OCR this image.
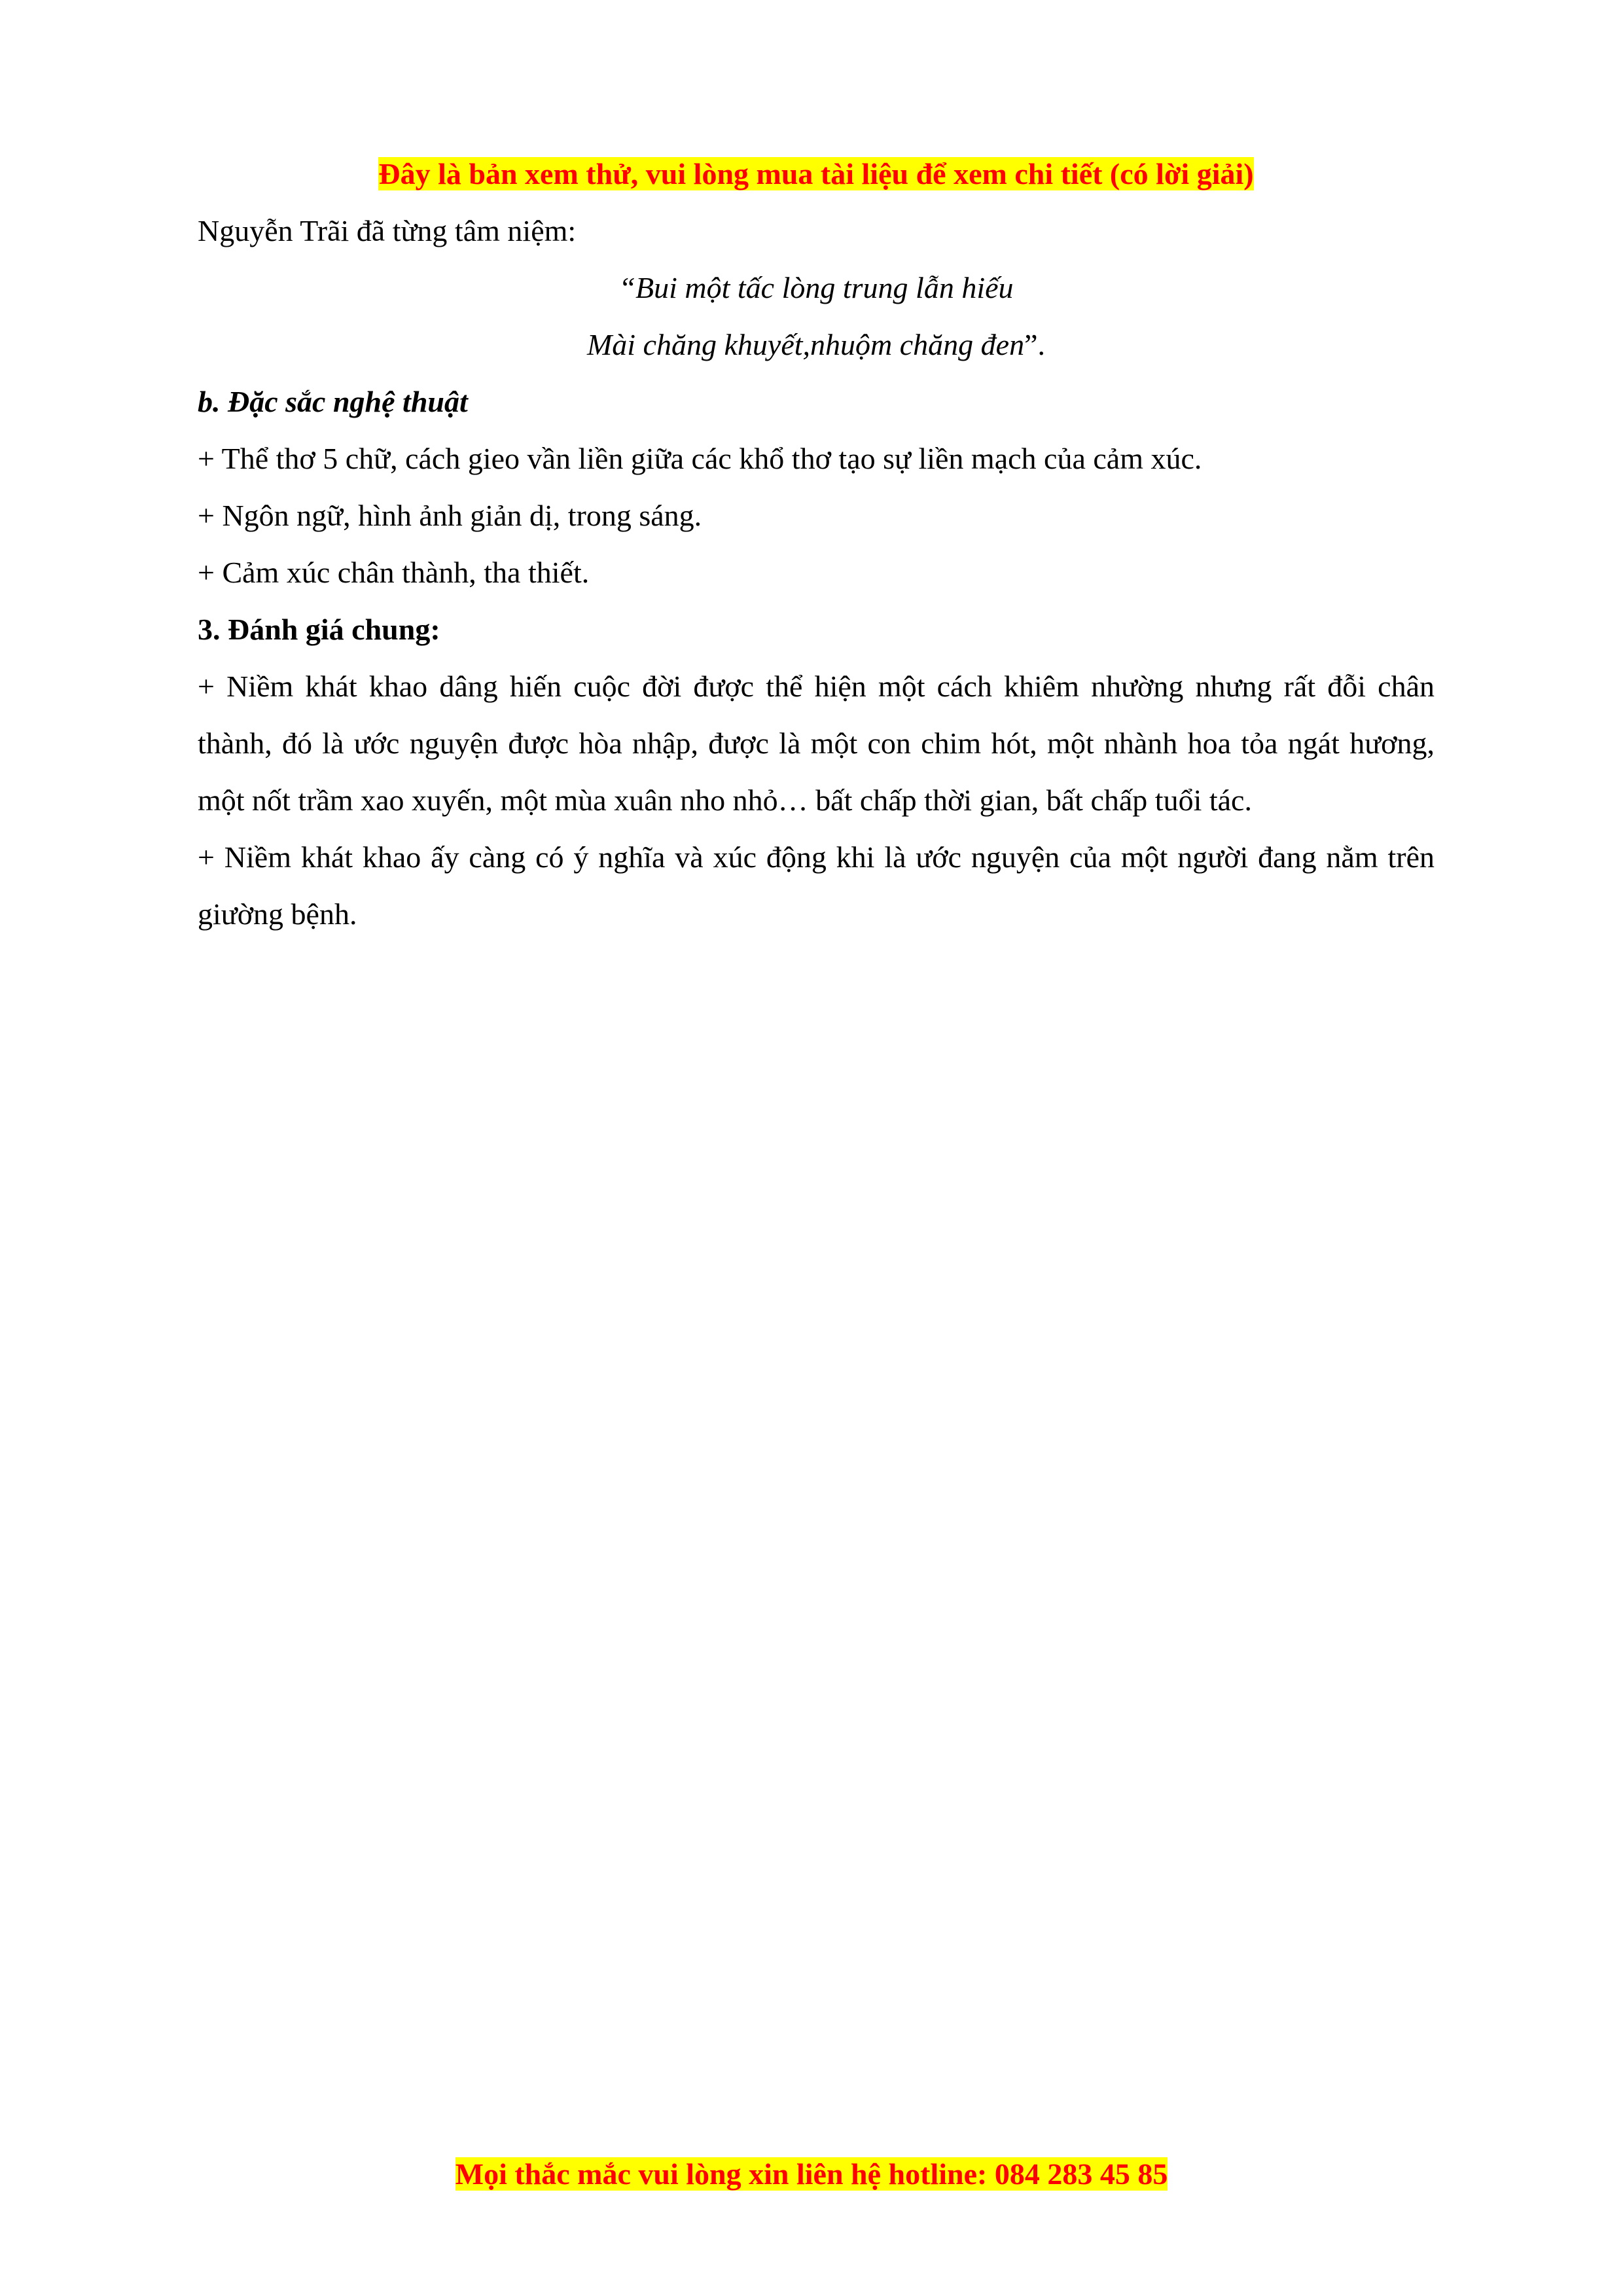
Đây là bản xem thử, vui lòng mua tài liệu để xem chi tiết (có lời giải)

Nguyễn Trãi đã từng tâm niệm:

“Bui một tấc lòng trung lẫn hiếu

Mài chăng khuyết,nhuộm chăng đen”.

b. Đặc sắc nghệ thuật

+ Thể thơ 5 chữ, cách gieo vần liền giữa các khổ thơ tạo sự liền mạch của cảm xúc.

+ Ngôn ngữ, hình ảnh giản dị, trong sáng.

+ Cảm xúc chân thành, tha thiết.

3. Đánh giá chung:

+ Niềm khát khao dâng hiến cuộc đời được thể hiện một cách khiêm nhường nhưng rất đỗi chân thành, đó là ước nguyện được hòa nhập, được là một con chim hót, một nhành hoa tỏa ngát hương, một nốt trầm xao xuyến, một mùa xuân nho nhỏ… bất chấp thời gian, bất chấp tuổi tác.

+ Niềm khát khao ấy càng có ý nghĩa và xúc động khi là ước nguyện của một người đang nằm trên giường bệnh.

Mọi thắc mắc vui lòng xin liên hệ hotline: 084 283 45 85
